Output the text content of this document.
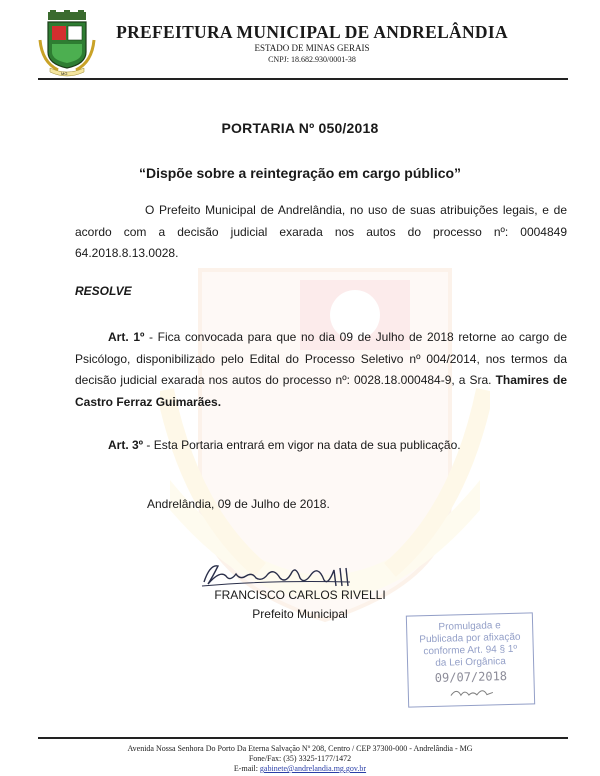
MG
PREFEITURA MUNICIPAL DE ANDRELÂNDIA
ESTADO DE MINAS GERAIS
CNPJ: 18.682.930/0001-38
PORTARIA Nº 050/2018
“Dispõe sobre a reintegração em cargo público”
O Prefeito Municipal de Andrelândia, no uso de suas atribuições legais, e de acordo com a decisão judicial exarada nos autos do processo nº: 0004849 64.2018.8.13.0028.
RESOLVE
Art. 1º - Fica convocada para que no dia 09 de Julho de 2018 retorne ao cargo de Psicólogo, disponibilizado pelo Edital do Processo Seletivo nº 004/2014, nos termos da decisão judicial exarada nos autos do processo nº: 0028.18.000484-9, a Sra. Thamires de Castro Ferraz Guimarães.
Art. 3º - Esta Portaria entrará em vigor na data de sua publicação.
Andrelândia, 09 de Julho de 2018.
FRANCISCO CARLOS RIVELLI
Prefeito Municipal
Promulgada e
Publicada por afixação
conforme Art. 94 § 1º
da Lei Orgânica
09/07/2018
Avenida Nossa Senhora Do Porto Da Eterna Salvação Nº 208, Centro / CEP 37300-000 - Andrelândia - MG
Fone/Fax: (35) 3325-1177/1472
E-mail: gabinete@andrelandia.mg.gov.br
